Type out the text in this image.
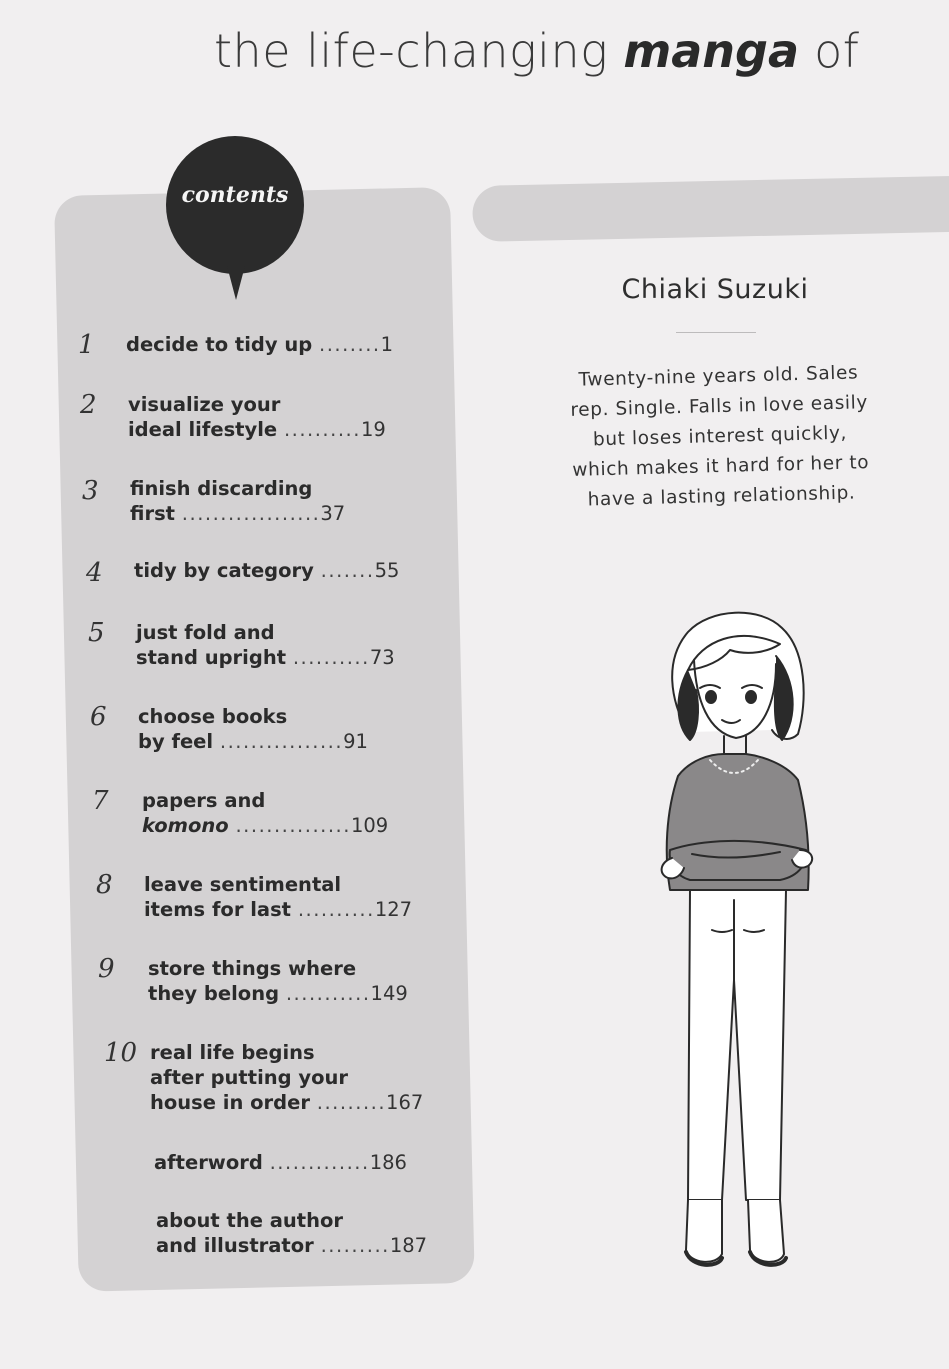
the life-changing manga of
contents
1 decide to tidy up ........1
2 visualize your
ideal lifestyle ..........19
3 finish discarding
first ..................37
4 tidy by category .......55
5 just fold and
stand upright ..........73
6 choose books
by feel ................91
7 papers and
komono ...............109
8 leave sentimental
items for last ..........127
9 store things where
they belong ...........149
10 real life begins
after putting your
house in order .........167
afterword .............186
about the author
and illustrator .........187
Chiaki Suzuki
Twenty-nine years old. Sales
rep. Single. Falls in love easily
but loses interest quickly,
which makes it hard for her to
have a lasting relationship.
